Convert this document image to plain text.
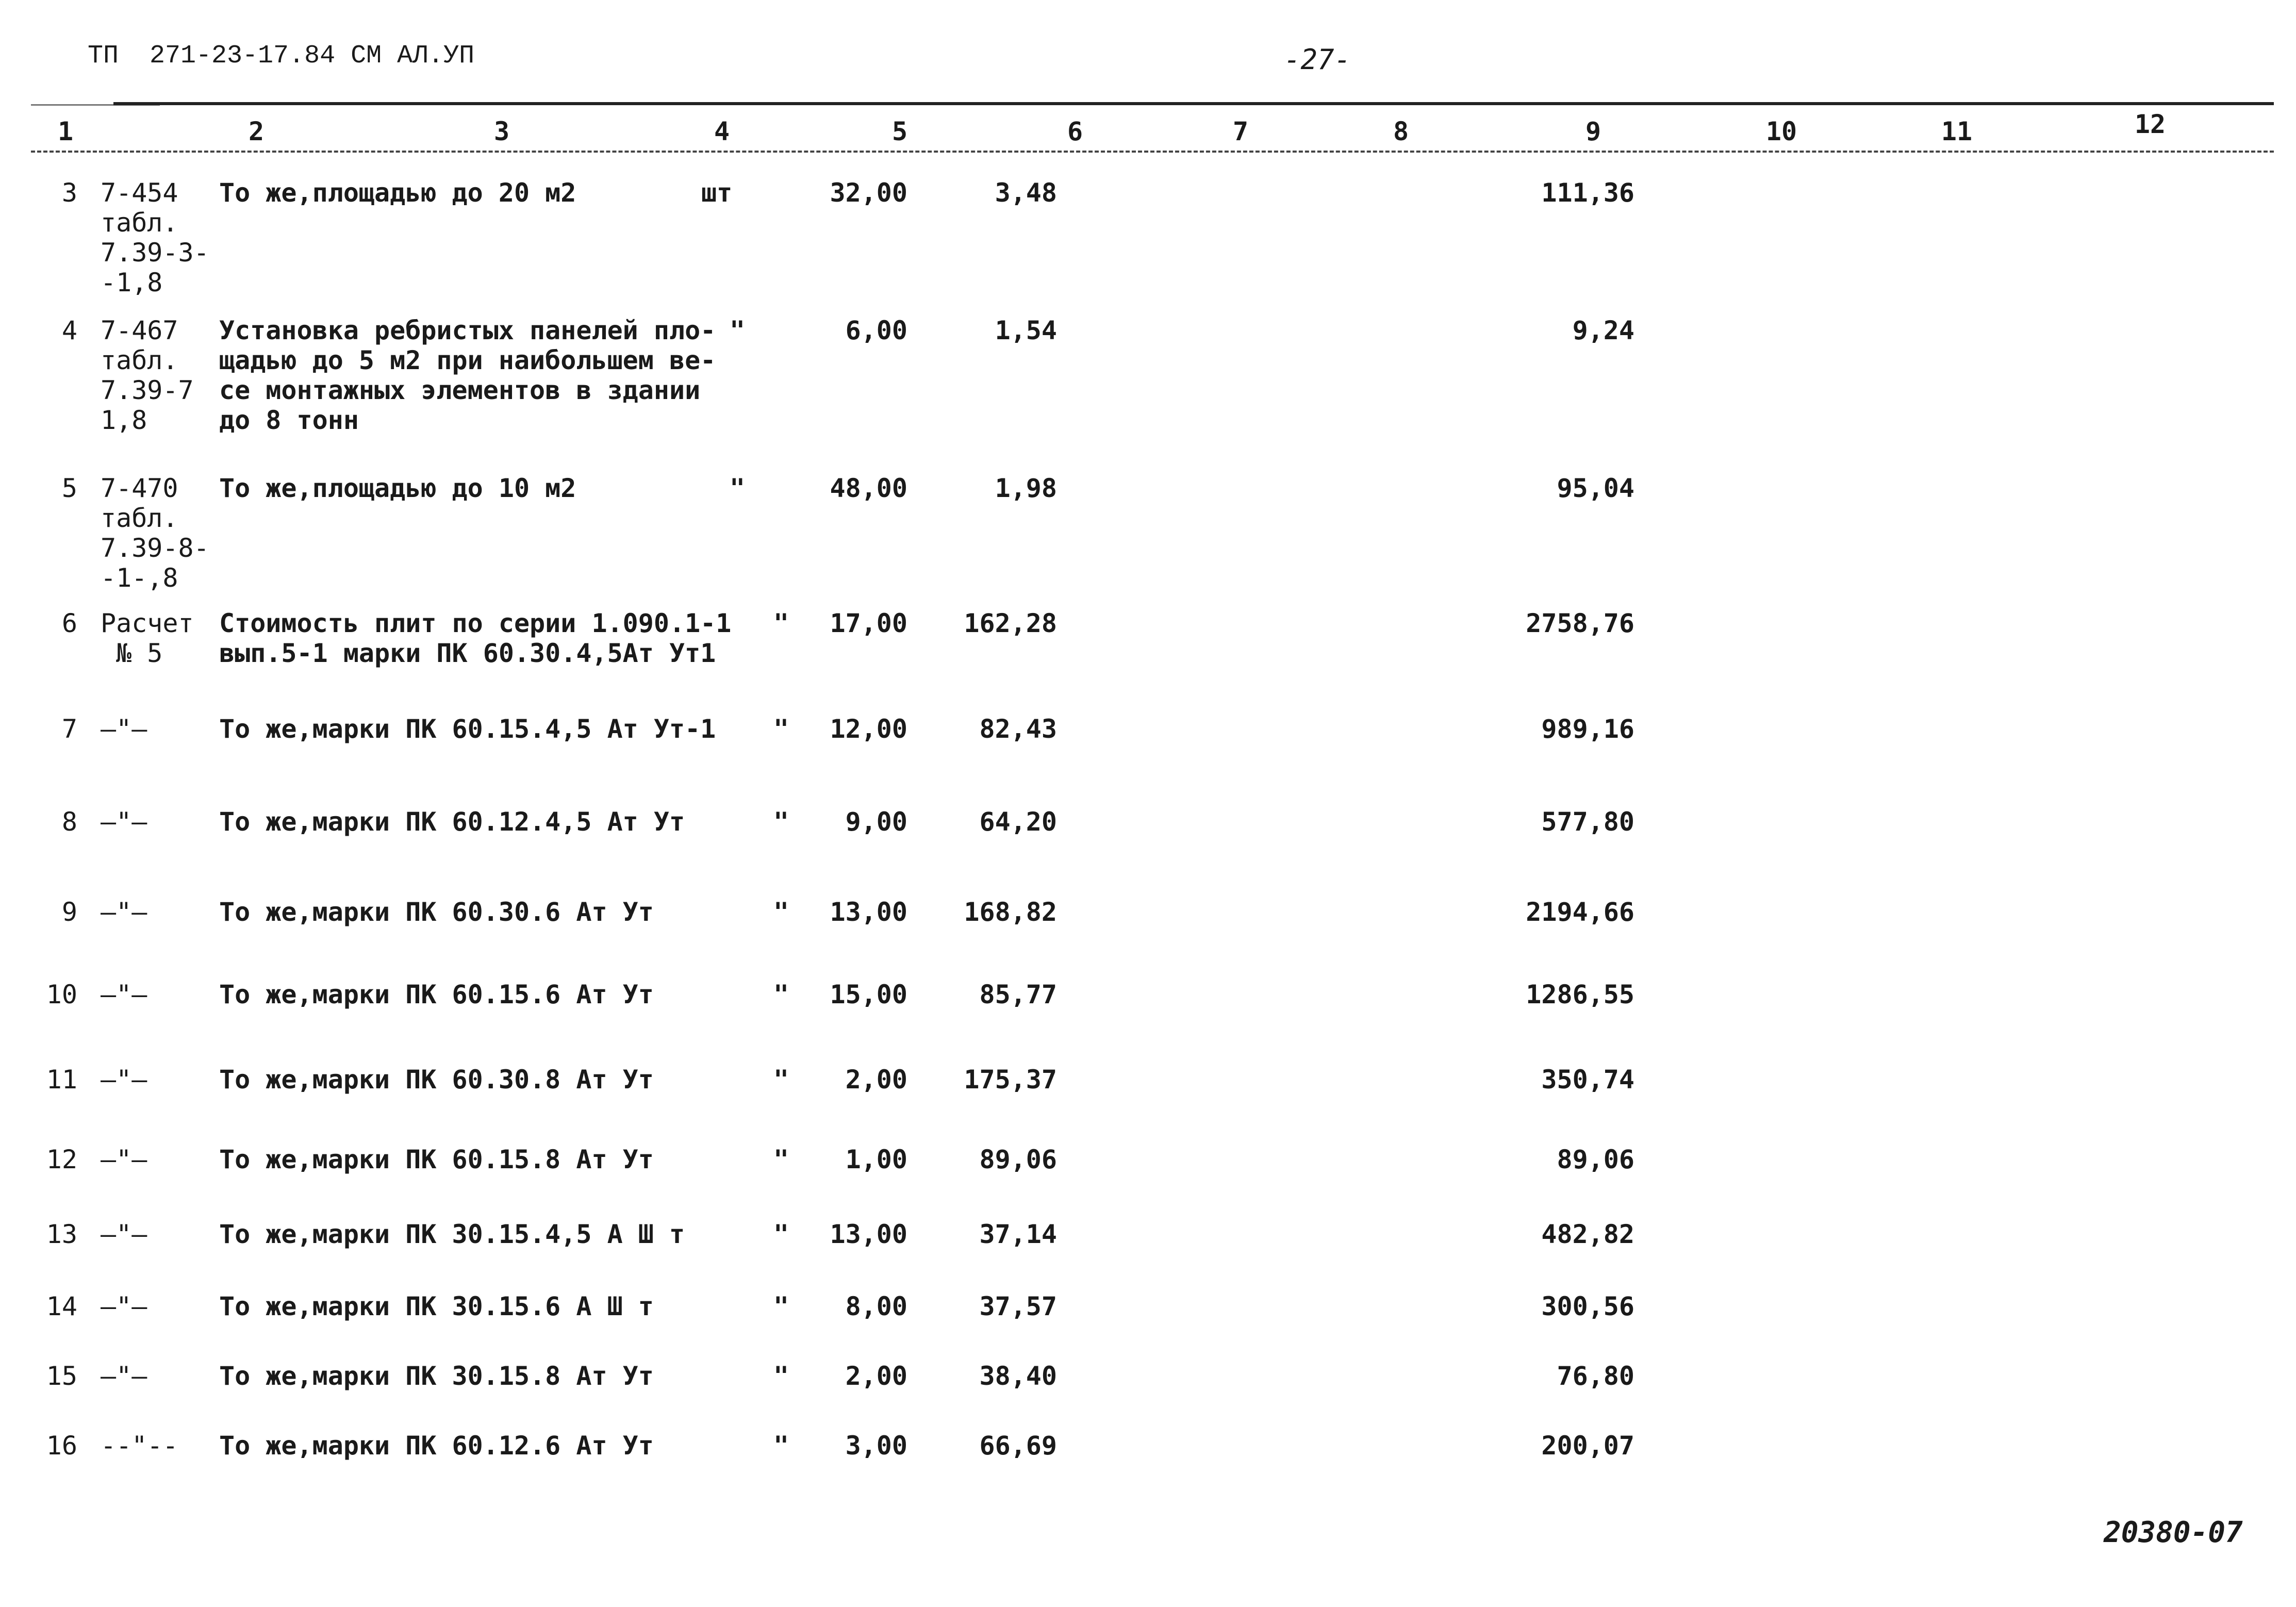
ТП  271-23-17.84 СМ АЛ.УП	-27-
1	2	3	4	5	6	7	8	9	10	11	12
3 7-454
табл.
7.39-3-
-1,8
То же,площадью до 20 м2	шт	32,00	3,48	111,36
4 7-467
табл.
7.39-7
1,8
Установка ребристых панелей пло-
щадью до 5 м2 при наибольшем ве-
се монтажных элементов в здании
до 8 тонн
"	6,00	1,54	9,24
5 7-470
табл.
7.39-8-
-1-,8
То же,площадью до 10 м2	"	48,00	1,98	95,04
6 Расчет
№ 5
Стоимость плит по серии 1.090.1-1
вып.5-1 марки ПК 60.30.4,5Ат Ут1
"	17,00	162,28	2758,76
7 —"—	То же,марки ПК 60.15.4,5 Ат Ут-1	"	12,00	82,43	989,16
8 —"—	То же,марки ПК 60.12.4,5 Ат Ут	"	9,00	64,20	577,80
9 —"—	То же,марки ПК 60.30.6 Ат Ут	"	13,00	168,82	2194,66
10 —"—	То же,марки ПК 60.15.6 Ат Ут	"	15,00	85,77	1286,55
11 —"—	То же,марки ПК 60.30.8 Ат Ут	"	2,00	175,37	350,74
12 —"—	То же,марки ПК 60.15.8 Ат Ут	"	1,00	89,06	89,06
13 —"—	То же,марки ПК 30.15.4,5 А Ш т	"	13,00	37,14	482,82
14 —"—	То же,марки ПК 30.15.6 А Ш т	"	8,00	37,57	300,56
15 —"—	То же,марки ПК 30.15.8 Ат Ут	"	2,00	38,40	76,80
16 --"--	То же,марки ПК 60.12.6 Ат Ут	"	3,00	66,69	200,07
20380-07
